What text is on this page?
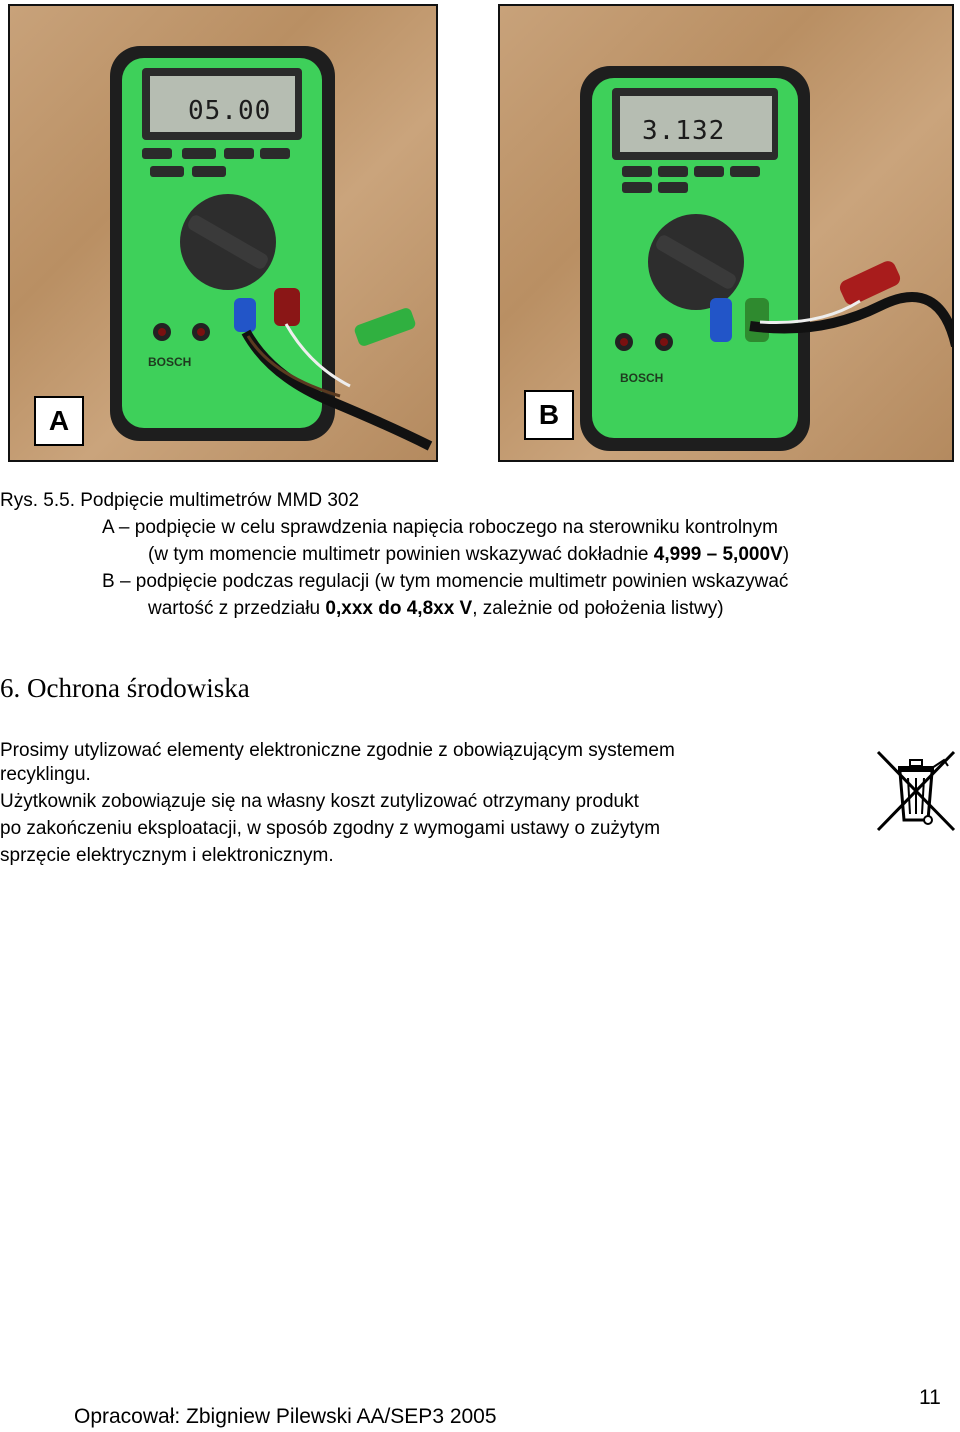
05.00
BOSCH
A
3.132
BOSCH
B
Rys. 5.5. Podpięcie multimetrów MMD 302
A – podpięcie w celu sprawdzenia napięcia roboczego na sterowniku kontrolnym
(w tym momencie multimetr powinien wskazywać dokładnie 4,999 – 5,000V)
B – podpięcie podczas regulacji (w tym momencie multimetr powinien wskazywać
wartość z przedziału 0,xxx do 4,8xx V, zależnie od położenia listwy)
6. Ochrona środowiska
Prosimy utylizować elementy elektroniczne zgodnie z obowiązującym systemem
recyklingu.
Użytkownik zobowiązuje się na własny koszt zutylizować otrzymany produkt
po zakończeniu eksploatacji, w sposób zgodny z wymogami ustawy o zużytym
sprzęcie elektrycznym i elektronicznym.
11
Opracował: Zbigniew Pilewski AA/SEP3 2005
